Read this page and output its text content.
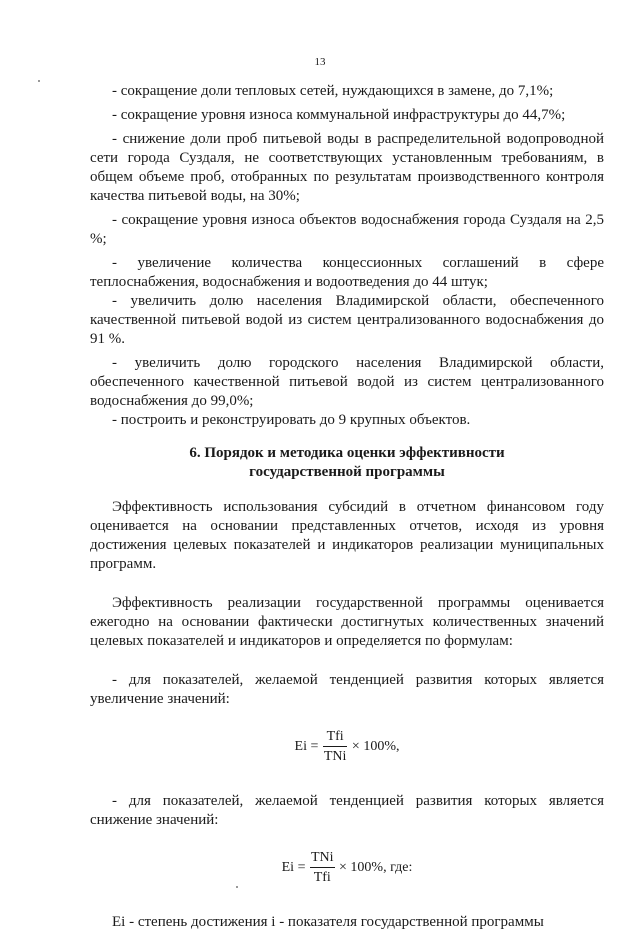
13

- сокращение доли тепловых сетей, нуждающихся в замене, до 7,1%;

- сокращение уровня износа коммунальной инфраструктуры до 44,7%;

- снижение доли проб питьевой воды в распределительной водопроводной сети города Суздаля, не соответствующих установленным требованиям, в общем объеме проб, отобранных по результатам производственного контроля качества питьевой воды, на 30%;

- сокращение уровня износа объектов водоснабжения города Суздаля на 2,5 %;

- увеличение количества концессионных соглашений в сфере теплоснабжения, водоснабжения и водоотведения до 44 штук;

- увеличить долю населения Владимирской области, обеспеченного качественной питьевой водой из систем централизованного водоснабжения до 91 %.

- увеличить долю городского населения Владимирской области, обеспеченного качественной питьевой водой из систем централизованного водоснабжения до 99,0%;

- построить и реконструировать до 9 крупных объектов.

6. Порядок и методика оценки эффективности
государственной программы

Эффективность использования субсидий в отчетном финансовом году оценивается на основании представленных отчетов, исходя из уровня достижения целевых показателей и индикаторов реализации муниципальных программ.

Эффективность реализации государственной программы оценивается ежегодно на основании фактически достигнутых количественных значений целевых показателей и индикаторов и определяется по формулам:

- для показателей, желаемой тенденцией развития которых является увеличение значений:

$Ei = \frac{\text{Tfi}}{\text{TNi}} \times 100\%$,

- для показателей, желаемой тенденцией развития которых является снижение значений:

$Ei = \frac{\text{TNi}}{\text{Tfi}} \times 100\%$, где:

Ei - степень достижения i - показателя государственной программы
